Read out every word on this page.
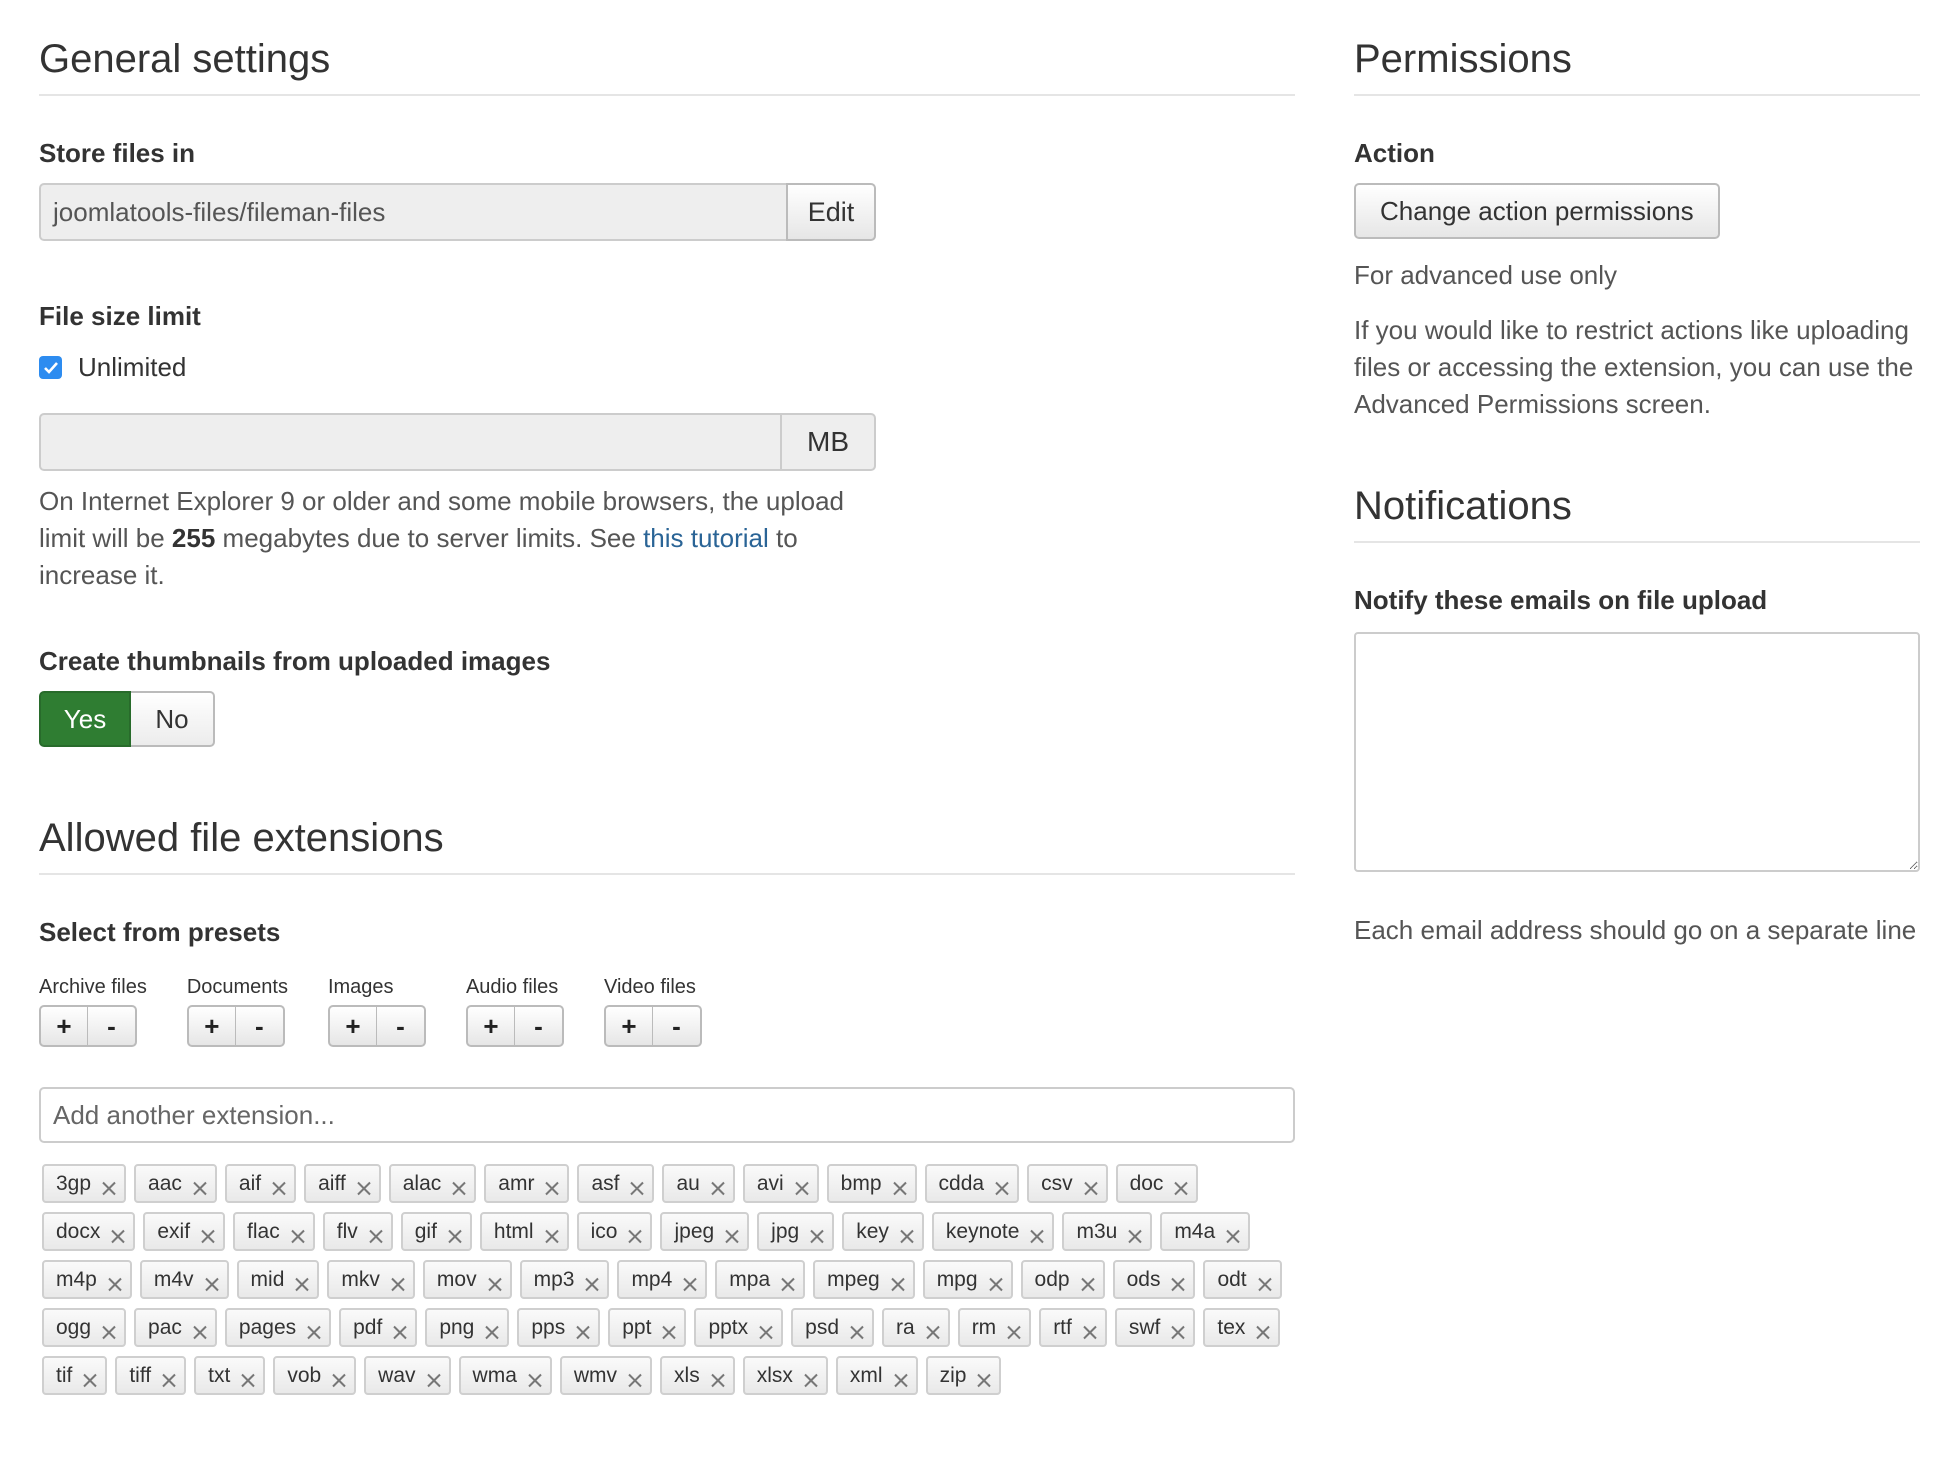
General settings
Store files in
joomlatools-files/fileman-files	Edit
File size limit
Unlimited
MB
On Internet Explorer 9 or older and some mobile browsers, the upload limit will be 255 megabytes due to server limits. See this tutorial to increase it.
Create thumbnails from uploaded images
Yes	No
Allowed file extensions
Select from presets
Archive files
+	-
Documents
+	-
Images
+	-
Audio files
+	-
Video files
+	-
Add another extension...
3gp	aac	aif	aiff	alac	amr	asf	au	avi	bmp	cdda	csv	doc
docx	exif	flac	flv	gif	html	ico	jpeg	jpg	key	keynote	m3u	m4a
m4p	m4v	mid	mkv	mov	mp3	mp4	mpa	mpeg	mpg	odp	ods	odt
ogg	pac	pages	pdf	png	pps	ppt	pptx	psd	ra	rm	rtf	swf	tex
tif	tiff	txt	vob	wav	wma	wmv	xls	xlsx	xml	zip
Permissions
Action
Change action permissions
For advanced use only
If you would like to restrict actions like uploading files or accessing the extension, you can use the Advanced Permissions screen.
Notifications
Notify these emails on file upload
Each email address should go on a separate line
